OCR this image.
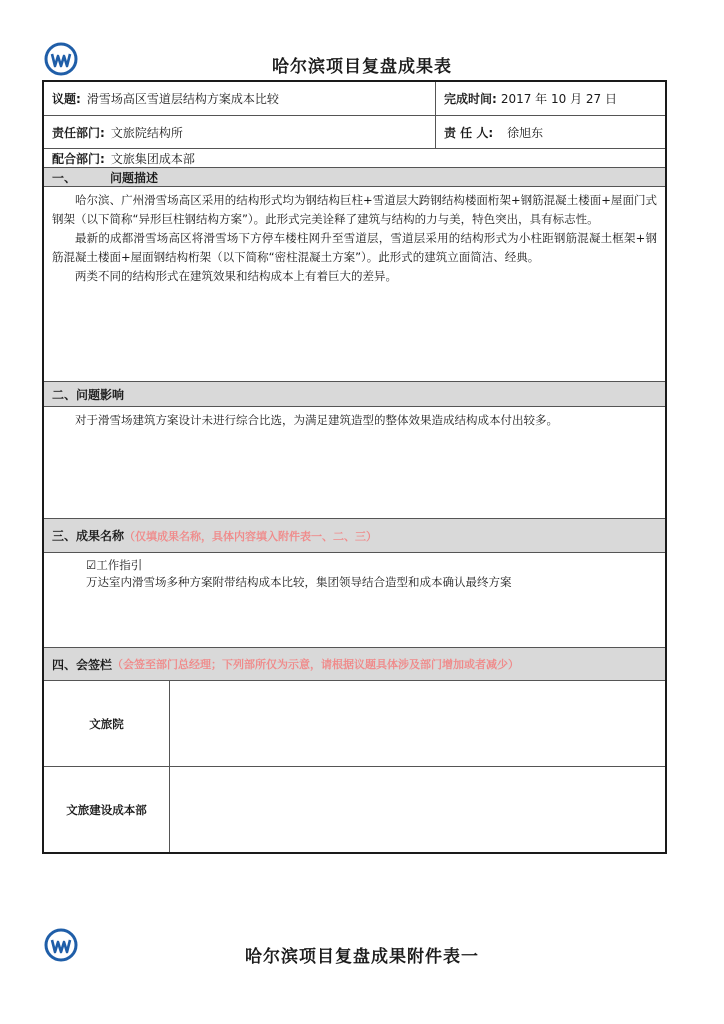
哈尔滨项目复盘成果表
议题: 滑雪场高区雪道层结构方案成本比较	完成时间: 2017 年 10 月 27 日
责任部门: 文旅院结构所	责 任 人: 徐旭东
配合部门: 文旅集团成本部
一、	问题描述

哈尔滨、广州滑雪场高区采用的结构形式均为钢结构巨柱+雪道层大跨钢结构楼面桁架+钢筋混凝土楼面+屋面门式钢架（以下简称“异形巨柱钢结构方案”）。此形式完美诠释了建筑与结构的力与美，特色突出，具有标志性。

最新的成都滑雪场高区将滑雪场下方停车楼柱网升至雪道层，雪道层采用的结构形式为小柱距钢筋混凝土框架+钢筋混凝土楼面+屋面钢结构桁架（以下简称“密柱混凝土方案”）。此形式的建筑立面简洁、经典。

两类不同的结构形式在建筑效果和结构成本上有着巨大的差异。

二、问题影响

对于滑雪场建筑方案设计未进行综合比选，为满足建筑造型的整体效果造成结构成本付出较多。

三、成果名称 （仅填成果名称，具体内容填入附件表一、二、三）
☑工作指引
万达室内滑雪场多种方案附带结构成本比较，集团领导结合造型和成本确认最终方案
四、会签栏 （会签至部门总经理；下列部所仅为示意，请根据议题具体涉及部门增加或者减少）
文旅院
文旅建设成本部
哈尔滨项目复盘成果附件表一
